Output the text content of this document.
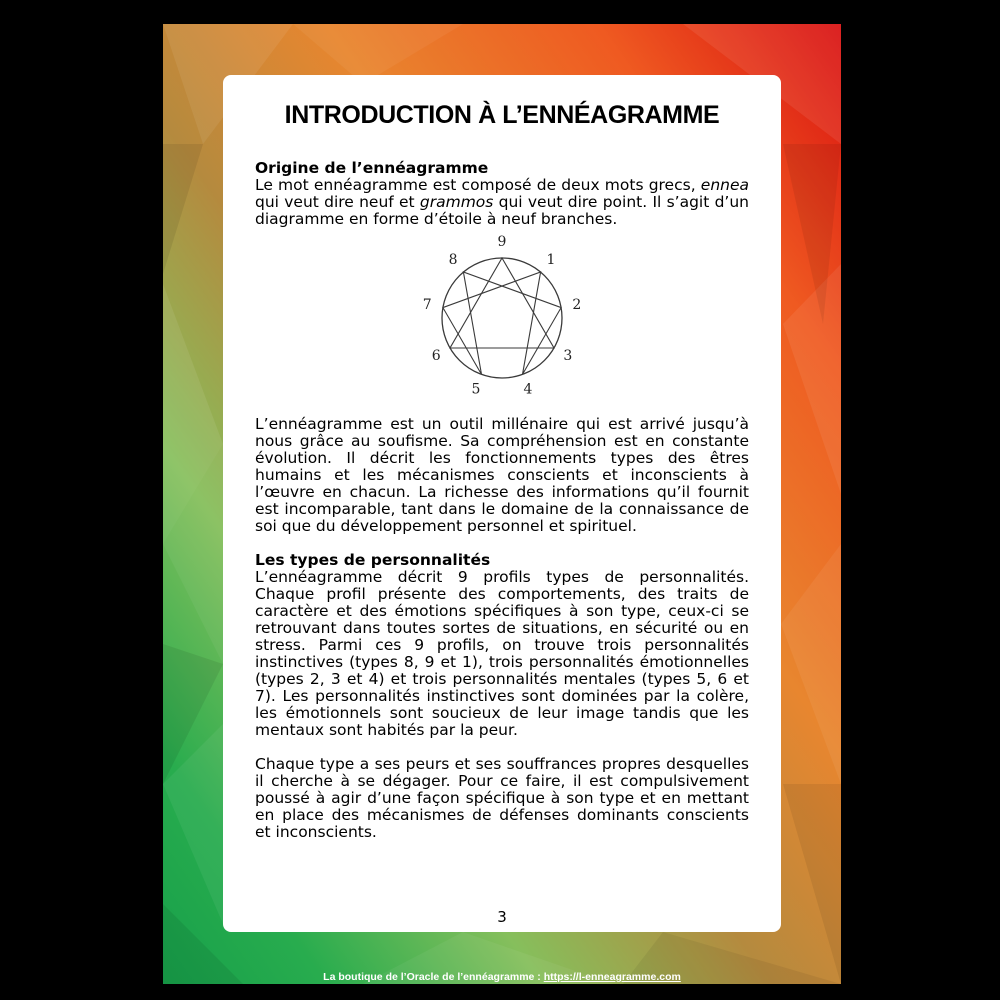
INTRODUCTION À L’ENNÉAGRAMME
Origine de l’ennéagramme

Le mot ennéagramme est composé de deux mots grecs, ennea qui veut dire neuf et grammos qui veut dire point. Il s’agit d’un diagramme en forme d’étoile à neuf branches.

9
1
2
3
4
5
6
7
8

L’ennéagramme est un outil millénaire qui est arrivé jusqu’à nous grâce au soufisme. Sa compréhension est en constante évolution. Il décrit les fonctionnements types des êtres humains et les mécanismes conscients et inconscients à l’œuvre en chacun. La richesse des informations qu’il fournit est incomparable, tant dans le domaine de la connaissance de soi que du développement personnel et spirituel.

Les types de personnalités

L’ennéagramme décrit 9 profils types de personnalités. Chaque profil présente des comportements, des traits de caractère et des émotions spécifiques à son type, ceux-ci se retrouvant dans toutes sortes de situations, en sécurité ou en stress. Parmi ces 9 profils, on trouve trois personnalités instinctives (types 8, 9 et 1), trois personnalités émotionnelles (types 2, 3 et 4) et trois personnalités mentales (types 5, 6 et 7). Les personnalités instinctives sont dominées par la colère, les émotionnels sont soucieux de leur image tandis que les mentaux sont habités par la peur.

Chaque type a ses peurs et ses souffrances propres desquelles il cherche à se dégager. Pour ce faire, il est compulsivement poussé à agir d’une façon spécifique à son type et en mettant en place des mécanismes de défenses dominants conscients et inconscients.

3
La boutique de l’Oracle de l’ennéagramme : https://l-enneagramme.com
